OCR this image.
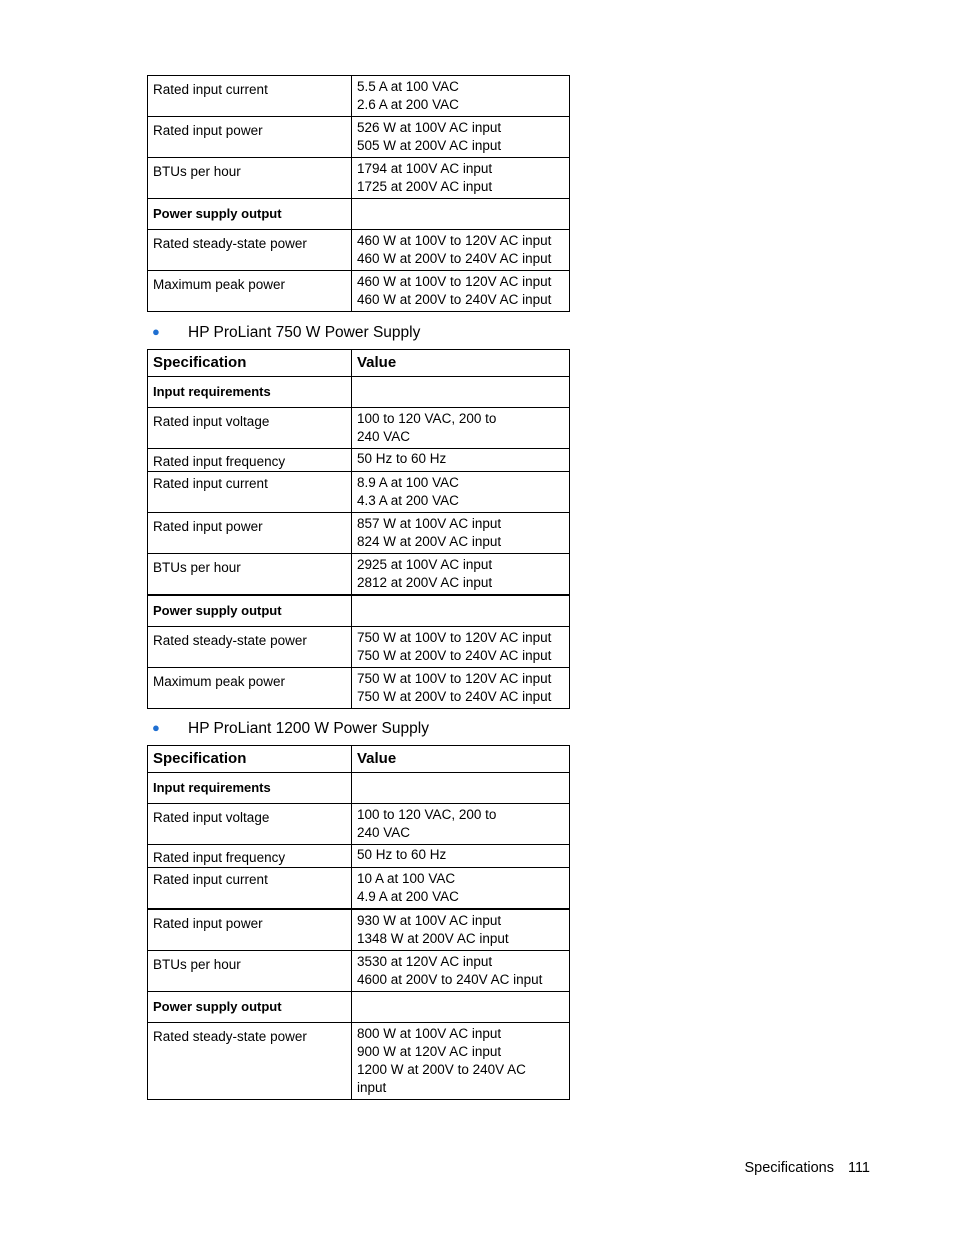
Rated input current	5.5 A at 100 VAC
2.6 A at 200 VAC

Rated input power	526 W at 100V AC input
505 W at 200V AC input

BTUs per hour	1794 at 100V AC input
1725 at 200V AC input

Power supply output	
Rated steady-state power	460 W at 100V to 120V AC input
460 W at 200V to 240V AC input

Maximum peak power	460 W at 100V to 120V AC input
460 W at 200V to 240V AC input
● HP ProLiant 750 W Power Supply
Specification	Value
Input requirements	
Rated input voltage	100 to 120 VAC, 200 to
240 VAC

Rated input frequency	50 Hz to 60 Hz

Rated input current	8.9 A at 100 VAC
4.3 A at 200 VAC

Rated input power	857 W at 100V AC input
824 W at 200V AC input

BTUs per hour	2925 at 100V AC input
2812 at 200V AC input

Power supply output	
Rated steady-state power	750 W at 100V to 120V AC input
750 W at 200V to 240V AC input

Maximum peak power	750 W at 100V to 120V AC input
750 W at 200V to 240V AC input
● HP ProLiant 1200 W Power Supply
Specification	Value
Input requirements	
Rated input voltage	100 to 120 VAC, 200 to
240 VAC

Rated input frequency	50 Hz to 60 Hz

Rated input current	10 A at 100 VAC
4.9 A at 200 VAC

Rated input power	930 W at 100V AC input
1348 W at 200V AC input

BTUs per hour	3530 at 120V AC input
4600 at 200V to 240V AC input

Power supply output	
Rated steady-state power	800 W at 100V AC input
900 W at 120V AC input
1200 W at 200V to 240V AC
input
Specifications 111
